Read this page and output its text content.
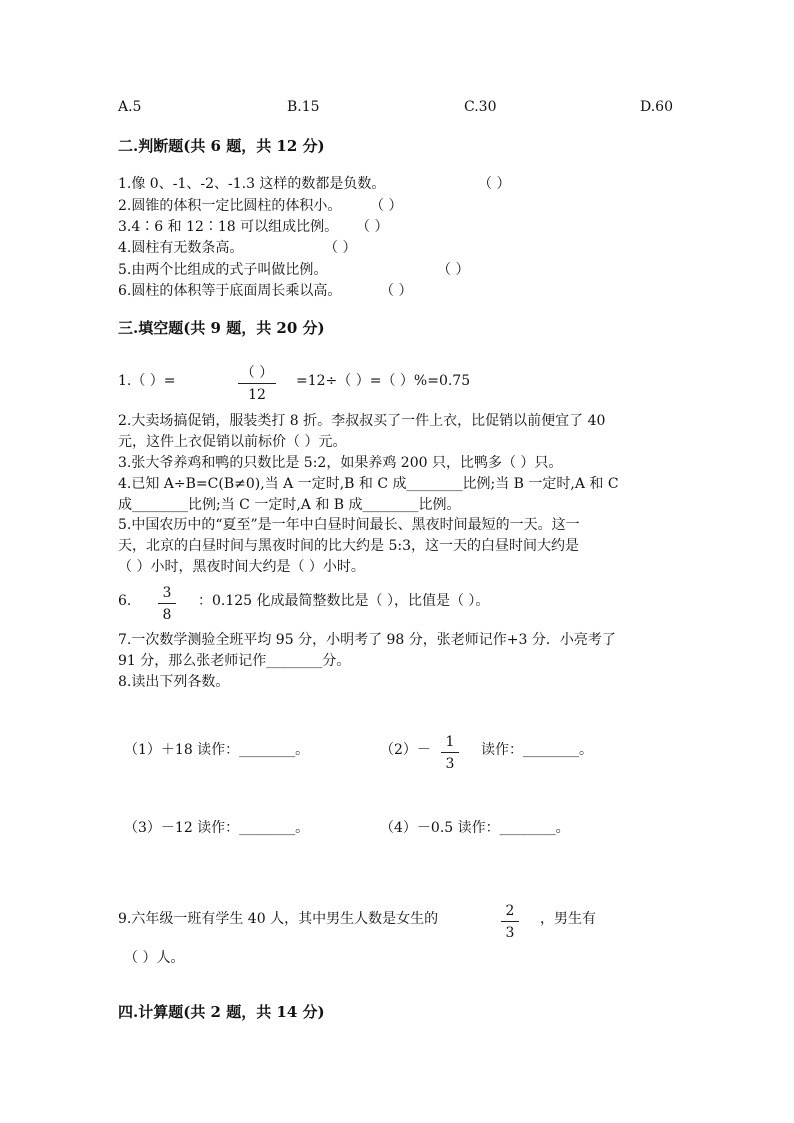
A.5	B.15	C.30	D.60
二.判断题(共 6 题，共 12 分)
1.像 0、-1、-2、-1.3 这样的数都是负数。	（ ）
2.圆锥的体积一定比圆柱的体积小。 （ ）
3.4∶6 和 12∶18 可以组成比例。 （ ）
4.圆柱有无数条高。	（ ）
5.由两个比组成的式子叫做比例。	（ ）
6.圆柱的体积等于底面周长乘以高。	（ ）
三.填空题(共 9 题，共 20 分)
1.（ ）=	（ ）
12
=12÷（ ）=（ ）%=0.75
2.大卖场搞促销，服装类打 8 折。李叔叔买了一件上衣，比促销以前便宜了 40
元，这件上衣促销以前标价（ ）元。
3.张大爷养鸡和鸭的只数比是 5:2，如果养鸡 200 只，比鸭多（ ）只。
4.已知 A÷B=C(B≠0),当 A 一定时,B 和 C 成________比例;当 B 一定时,A 和 C
成________比例;当 C 一定时,A 和 B 成________比例。
5.中国农历中的“夏至”是一年中白昼时间最长、黑夜时间最短的一天。这一
天，北京的白昼时间与黑夜时间的比大约是 5:3，这一天的白昼时间大约是
（ ）小时，黑夜时间大约是（ ）小时。
6.	3
8
：0.125 化成最简整数比是（ ），比值是（ ）。
7.一次数学测验全班平均 95 分，小明考了 98 分，张老师记作+3 分．小亮考了
91 分，那么张老师记作________分。
8.读出下列各数。
（1）＋18 读作：________。	（2）－	1
3
读作：________。
（3）－12 读作：________。	（4）－0.5 读作：________。
9.六年级一班有学生 40 人，其中男生人数是女生的	2
3
，男生有
（ ）人。
四.计算题(共 2 题，共 14 分)
